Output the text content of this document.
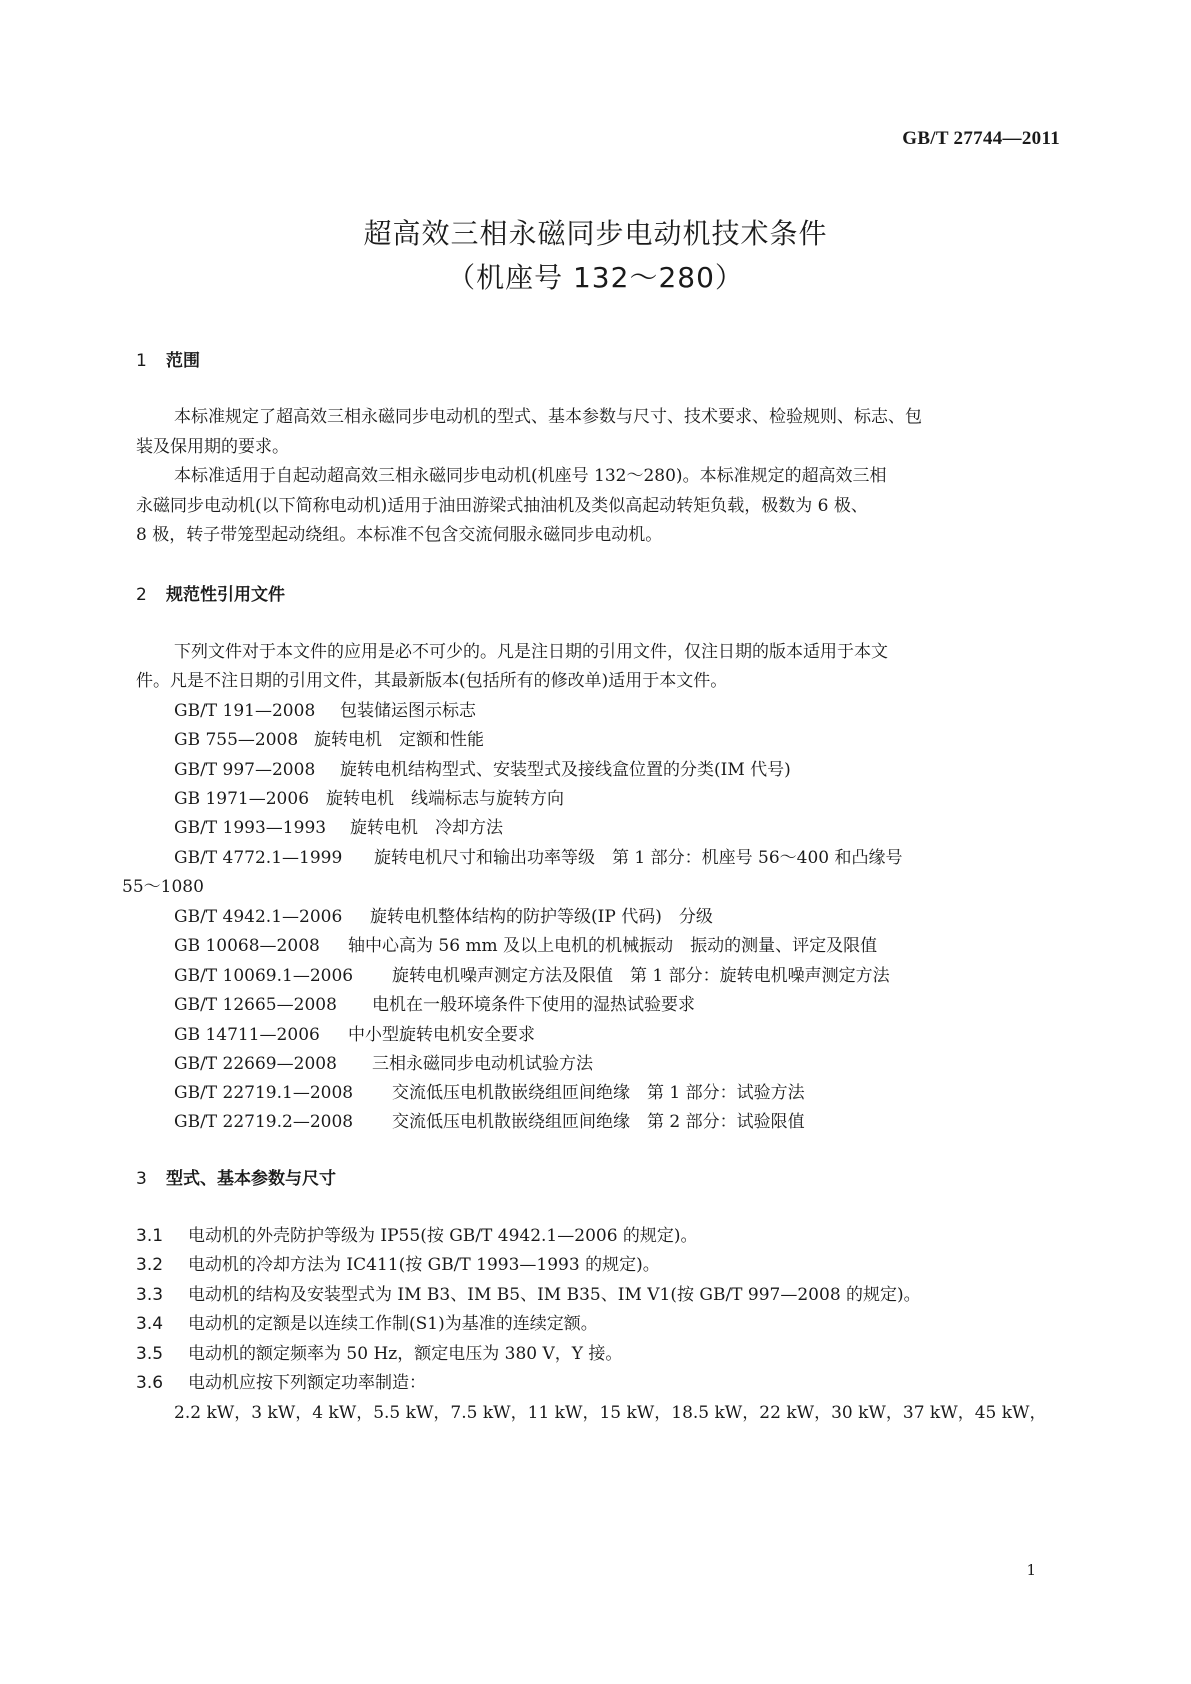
GB/T 27744—2011
超高效三相永磁同步电动机技术条件
（机座号 132～280）
1 范围
本标准规定了超高效三相永磁同步电动机的型式、基本参数与尺寸、技术要求、检验规则、标志、包
装及保用期的要求。
本标准适用于自起动超高效三相永磁同步电动机(机座号 132～280)。本标准规定的超高效三相
永磁同步电动机(以下简称电动机)适用于油田游梁式抽油机及类似高起动转矩负载，极数为 6 极、
8 极，转子带笼型起动绕组。本标准不包含交流伺服永磁同步电动机。
2 规范性引用文件
下列文件对于本文件的应用是必不可少的。凡是注日期的引用文件，仅注日期的版本适用于本文
件。凡是不注日期的引用文件，其最新版本(包括所有的修改单)适用于本文件。
GB/T 191—2008 包装储运图示标志
GB 755—2008 旋转电机　定额和性能
GB/T 997—2008 旋转电机结构型式、安装型式及接线盒位置的分类(IM 代号)
GB 1971—2006 旋转电机　线端标志与旋转方向
GB/T 1993—1993 旋转电机　冷却方法
GB/T 4772.1—1999 旋转电机尺寸和输出功率等级　第 1 部分：机座号 56～400 和凸缘号
55～1080
GB/T 4942.1—2006 旋转电机整体结构的防护等级(IP 代码)　分级
GB 10068—2008 轴中心高为 56 mm 及以上电机的机械振动　振动的测量、评定及限值
GB/T 10069.1—2006 旋转电机噪声测定方法及限值　第 1 部分：旋转电机噪声测定方法
GB/T 12665—2008 电机在一般环境条件下使用的湿热试验要求
GB 14711—2006 中小型旋转电机安全要求
GB/T 22669—2008 三相永磁同步电动机试验方法
GB/T 22719.1—2008 交流低压电机散嵌绕组匝间绝缘　第 1 部分：试验方法
GB/T 22719.2—2008 交流低压电机散嵌绕组匝间绝缘　第 2 部分：试验限值
3 型式、基本参数与尺寸
3.1 电动机的外壳防护等级为 IP55(按 GB/T 4942.1—2006 的规定)。
3.2 电动机的冷却方法为 IC411(按 GB/T 1993—1993 的规定)。
3.3 电动机的结构及安装型式为 IM B3、IM B5、IM B35、IM V1(按 GB/T 997—2008 的规定)。
3.4 电动机的定额是以连续工作制(S1)为基准的连续定额。
3.5 电动机的额定频率为 50 Hz，额定电压为 380 V，Y 接。
3.6 电动机应按下列额定功率制造：
2.2 kW，3 kW，4 kW，5.5 kW，7.5 kW，11 kW，15 kW，18.5 kW，22 kW，30 kW，37 kW，45 kW，
1
